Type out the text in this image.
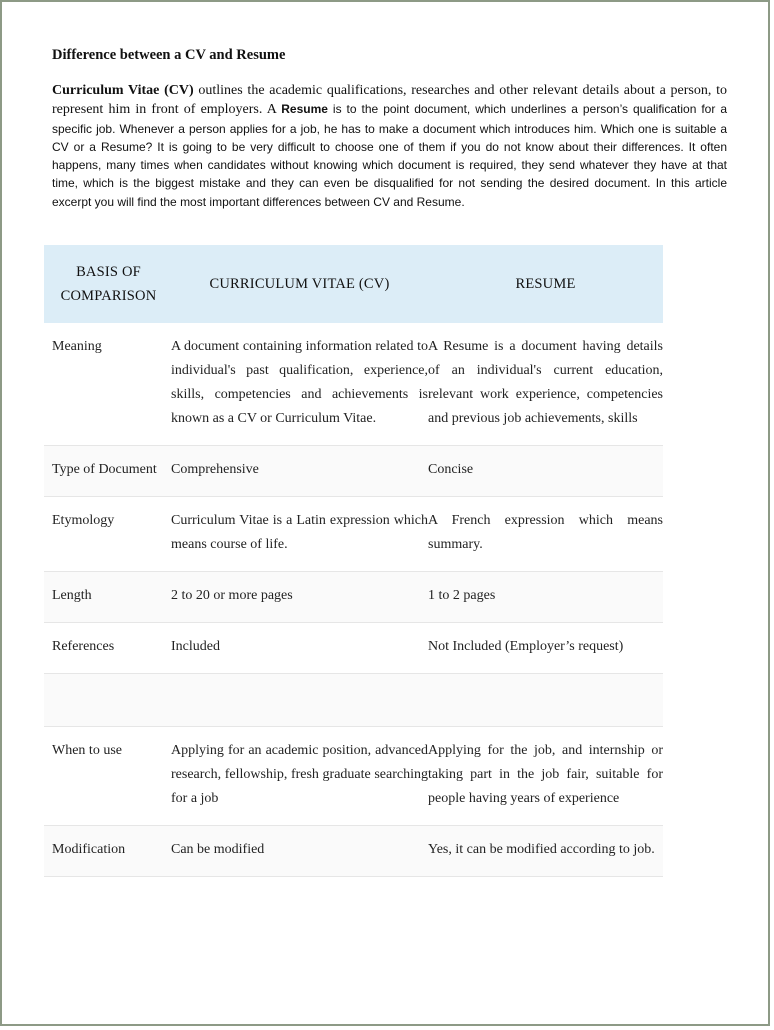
Difference between a CV and Resume
Curriculum Vitae (CV) outlines the academic qualifications, researches and other relevant details about a person, to represent him in front of employers. A Resume is to the point document, which underlines a person’s qualification for a specific job. Whenever a person applies for a job, he has to make a document which introduces him. Which one is suitable a CV or a Resume? It is going to be very difficult to choose one of them if you do not know about their differences. It often happens, many times when candidates without knowing which document is required, they send whatever they have at that time, which is the biggest mistake and they can even be disqualified for not sending the desired document. In this article excerpt you will find the most important differences between CV and Resume.
BASIS OF COMPARISON	CURRICULUM VITAE (CV)	RESUME
Meaning	A document containing information related to individual's past qualification, experience, skills, competencies and achievements is known as a CV or Curriculum Vitae.	A Resume is a document having details of an individual's current education, relevant work experience, competencies and previous job achievements, skills
Type of Document	Comprehensive	Concise
Etymology	Curriculum Vitae is a Latin expression which means course of life.	A French expression which means summary.
Length	2 to 20 or more pages	1 to 2 pages
References	Included	Not Included (Employer’s request)

When to use	Applying for an academic position, advanced research, fellowship, fresh graduate searching for a job	Applying for the job, and internship or taking part in the job fair, suitable for people having years of experience
Modification	Can be modified	Yes, it can be modified according to job.
